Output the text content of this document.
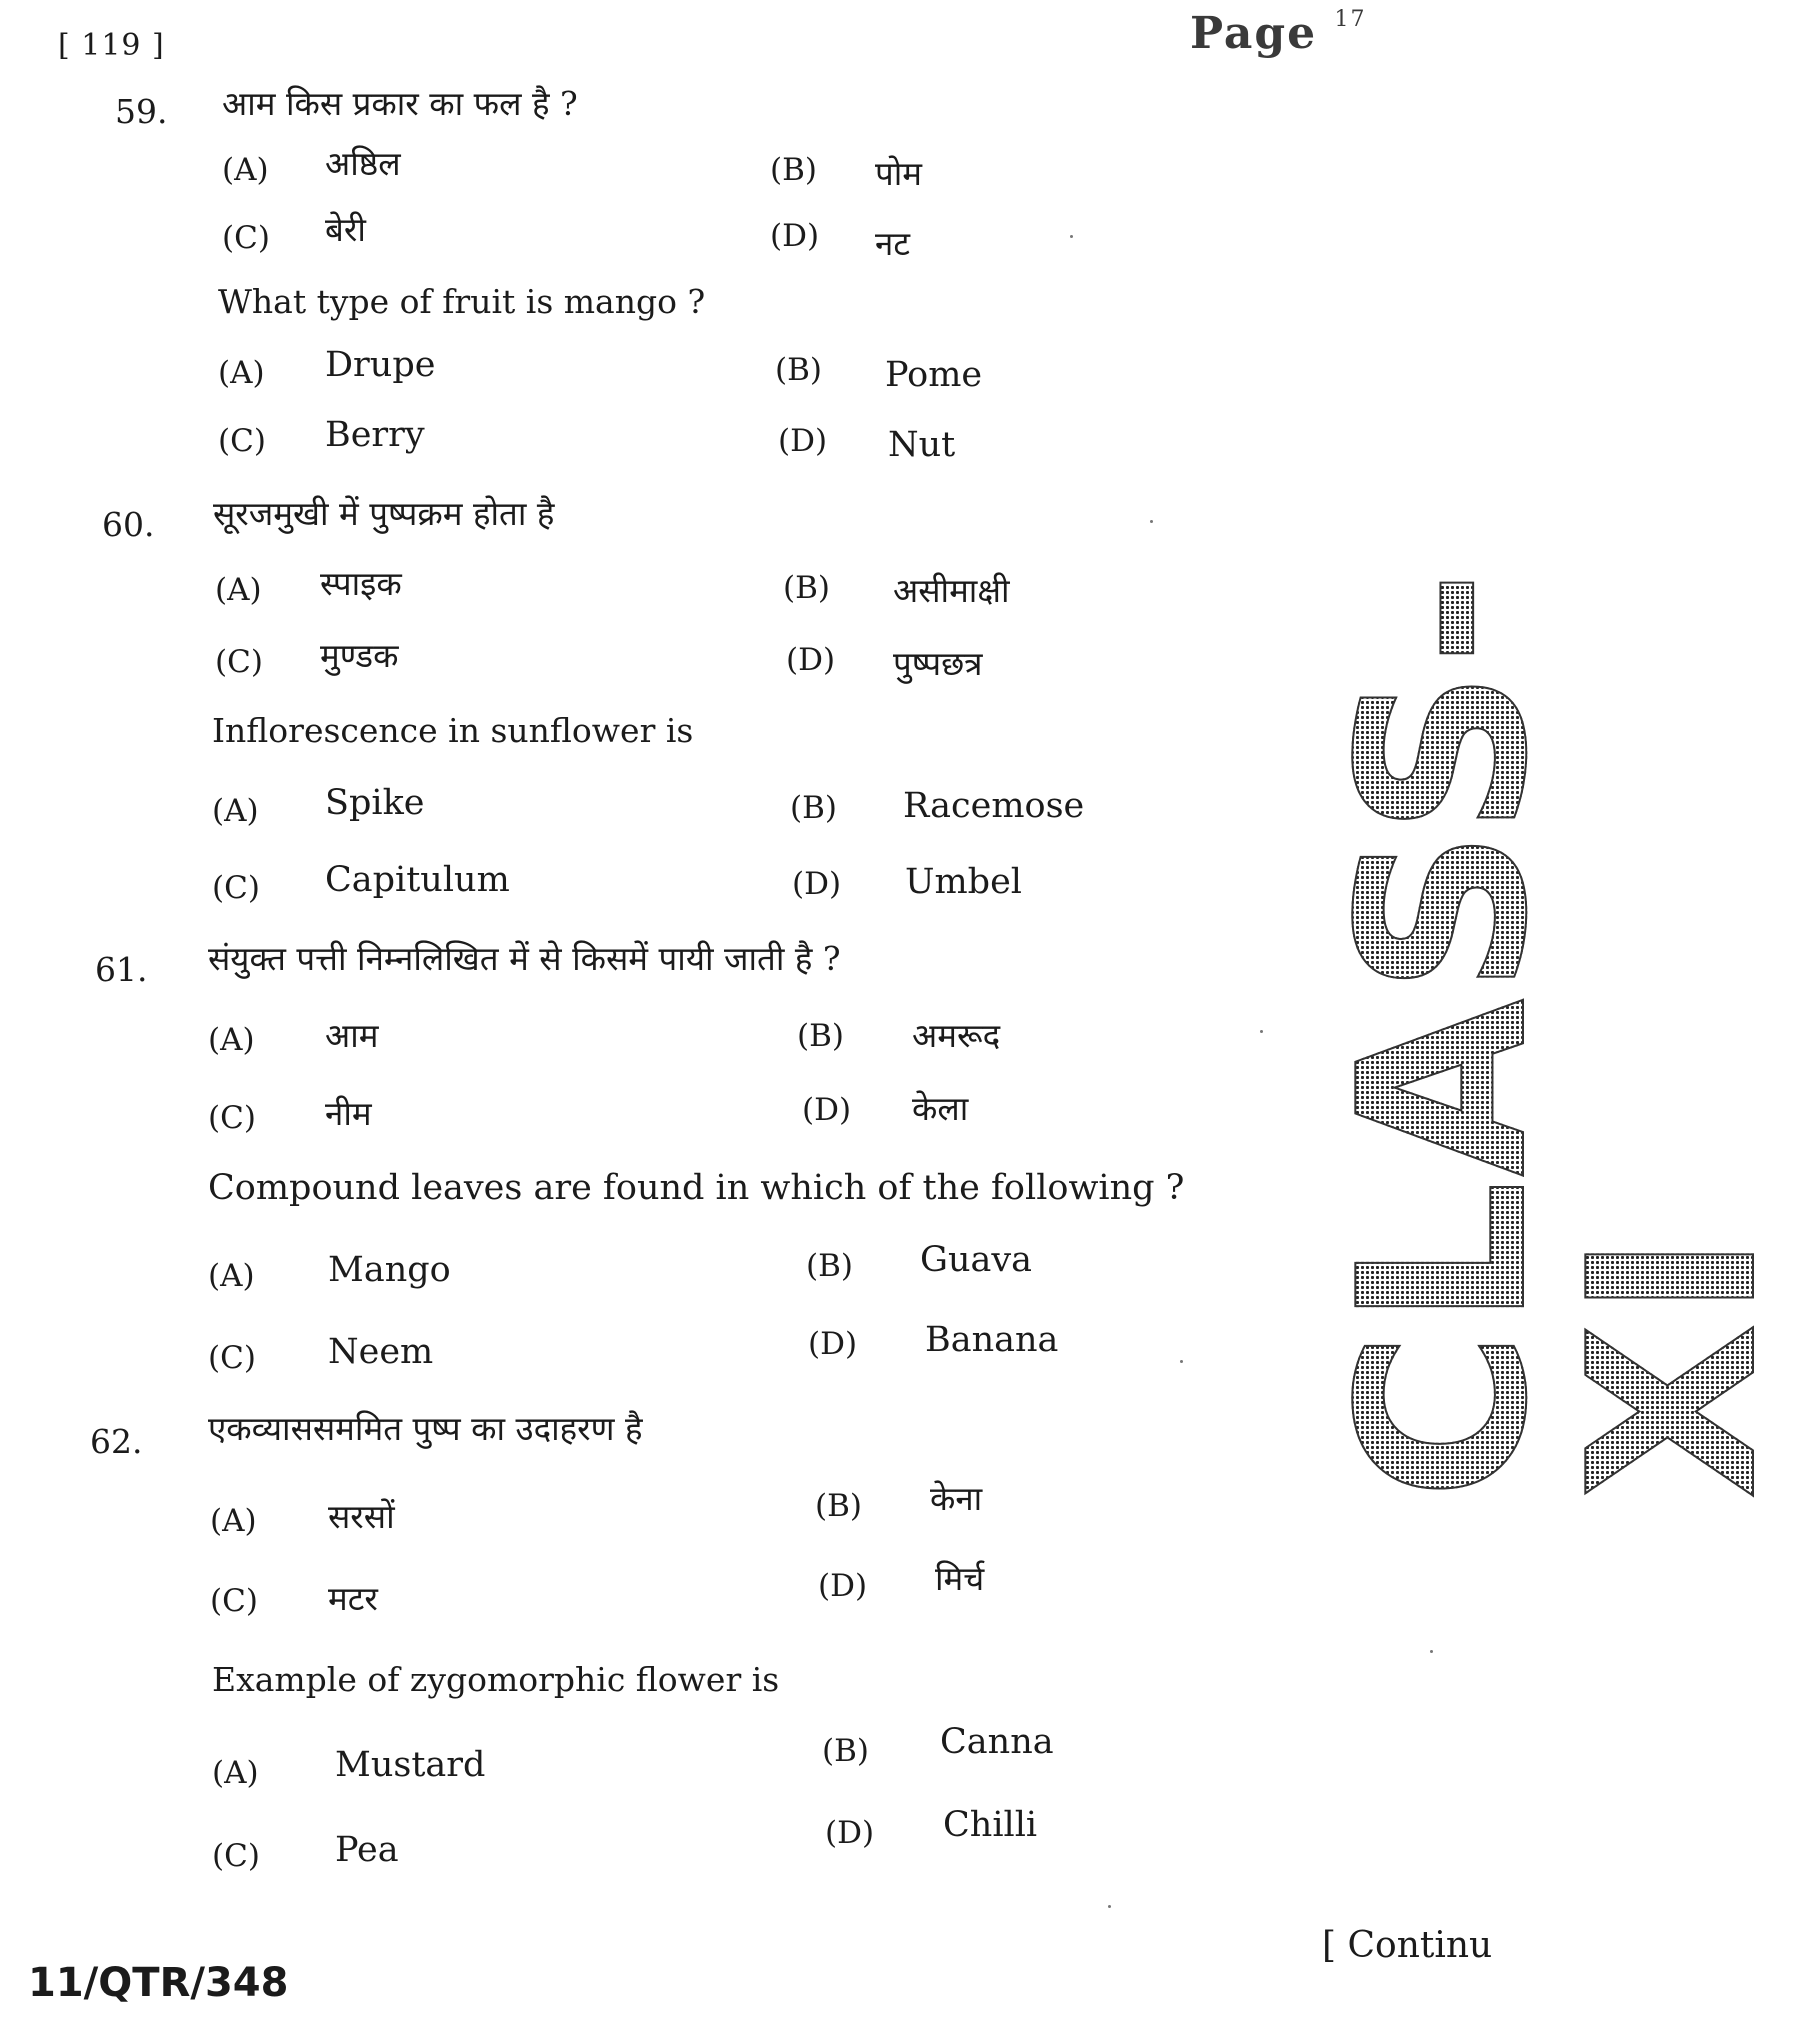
[ 119 ]	Page $^{17}$
CLASS-XI
59. आम किस प्रकार का फल है ?
(A) अष्ठिल	(B) पोम
(C) बेरी	(D) नट
What type of fruit is mango ?
(A) Drupe	(B) Pome
(C) Berry	(D) Nut
60. सूरजमुखी में पुष्पक्रम होता है
(A) स्पाइक	(B) असीमाक्षी
(C) मुण्डक	(D) पुष्पछत्र
Inflorescence in sunflower is
(A) Spike	(B) Racemose
(C) Capitulum	(D) Umbel
61. संयुक्त पत्ती निम्नलिखित में से किसमें पायी जाती है ?
(A) आम	(B) अमरूद
(C) नीम	(D) केला
Compound leaves are found in which of the following ?
(A) Mango	(B) Guava
(C) Neem	(D) Banana
62. एकव्याससममित पुष्प का उदाहरण है
(A) सरसों	(B) केना
(C) मटर	(D) मिर्च
Example of zygomorphic flower is
(A) Mustard	(B) Canna
(C) Pea	(D) Chilli
[ Continu
11/QTR/348
